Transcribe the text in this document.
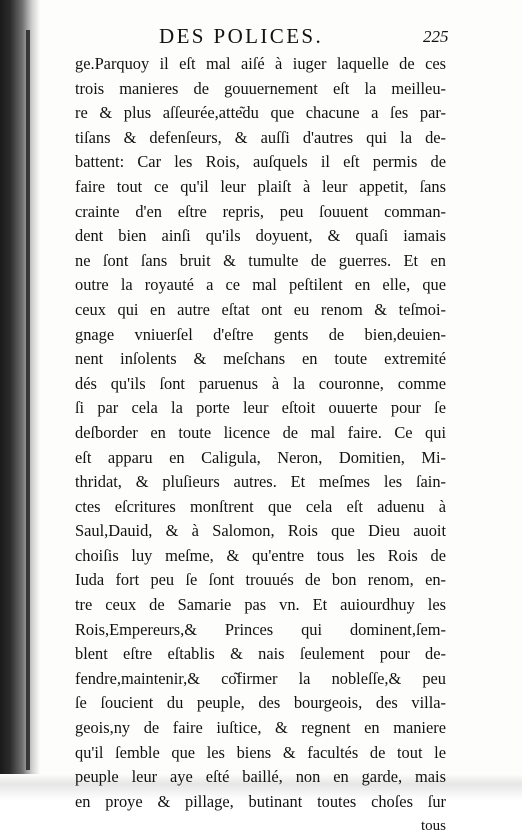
DES POLICES.	225
ge.Parquoy il eſt mal aiſé à iuger laquelle de ces
trois manieres de gouuernement eſt la meilleu-
re & plus aſſeurée,atte͂du que chacune a ſes par-
tiſans & defenſeurs, & auſſi d'autres qui la de-
battent: Car les Rois, auſquels il eſt permis de
faire tout ce qu'il leur plaiſt à leur appetit, ſans
crainte d'en eſtre repris, peu ſouuent comman-
dent bien ainſi qu'ils doyuent, & quaſi iamais
ne ſont ſans bruit & tumulte de guerres. Et en
outre la royauté a ce mal peſtilent en elle, que
ceux qui en autre eſtat ont eu renom & teſmoi-
gnage vniuerſel d'eſtre gents de bien,deuien-
nent inſolents & meſchans en toute extremité
dés qu'ils ſont paruenus à la couronne, comme
ſi par cela la porte leur eſtoit ouuerte pour ſe
deſborder en toute licence de mal faire. Ce qui
eſt apparu en Caligula, Neron, Domitien, Mi-
thridat, & pluſieurs autres. Et meſmes les ſain-
ctes eſcritures monſtrent que cela eſt aduenu à
Saul,Dauid, & à Salomon, Rois que Dieu auoit
choiſis luy meſme, & qu'entre tous les Rois de
Iuda fort peu ſe ſont trouués de bon renom, en-
tre ceux de Samarie pas vn. Et auiourdhuy les
Rois,Empereurs,& Princes qui dominent,ſem-
blent eſtre eſtablis & nais ſeulement pour de-
fendre,maintenir,& co͂firmer la nobleſſe,& peu
ſe ſoucient du peuple, des bourgeois, des villa-
geois,ny de faire iuſtice, & regnent en maniere
qu'il ſemble que les biens & facultés de tout le
peuple leur aye eſté baillé, non en garde, mais
en proye & pillage, butinant toutes choſes ſur
tous
